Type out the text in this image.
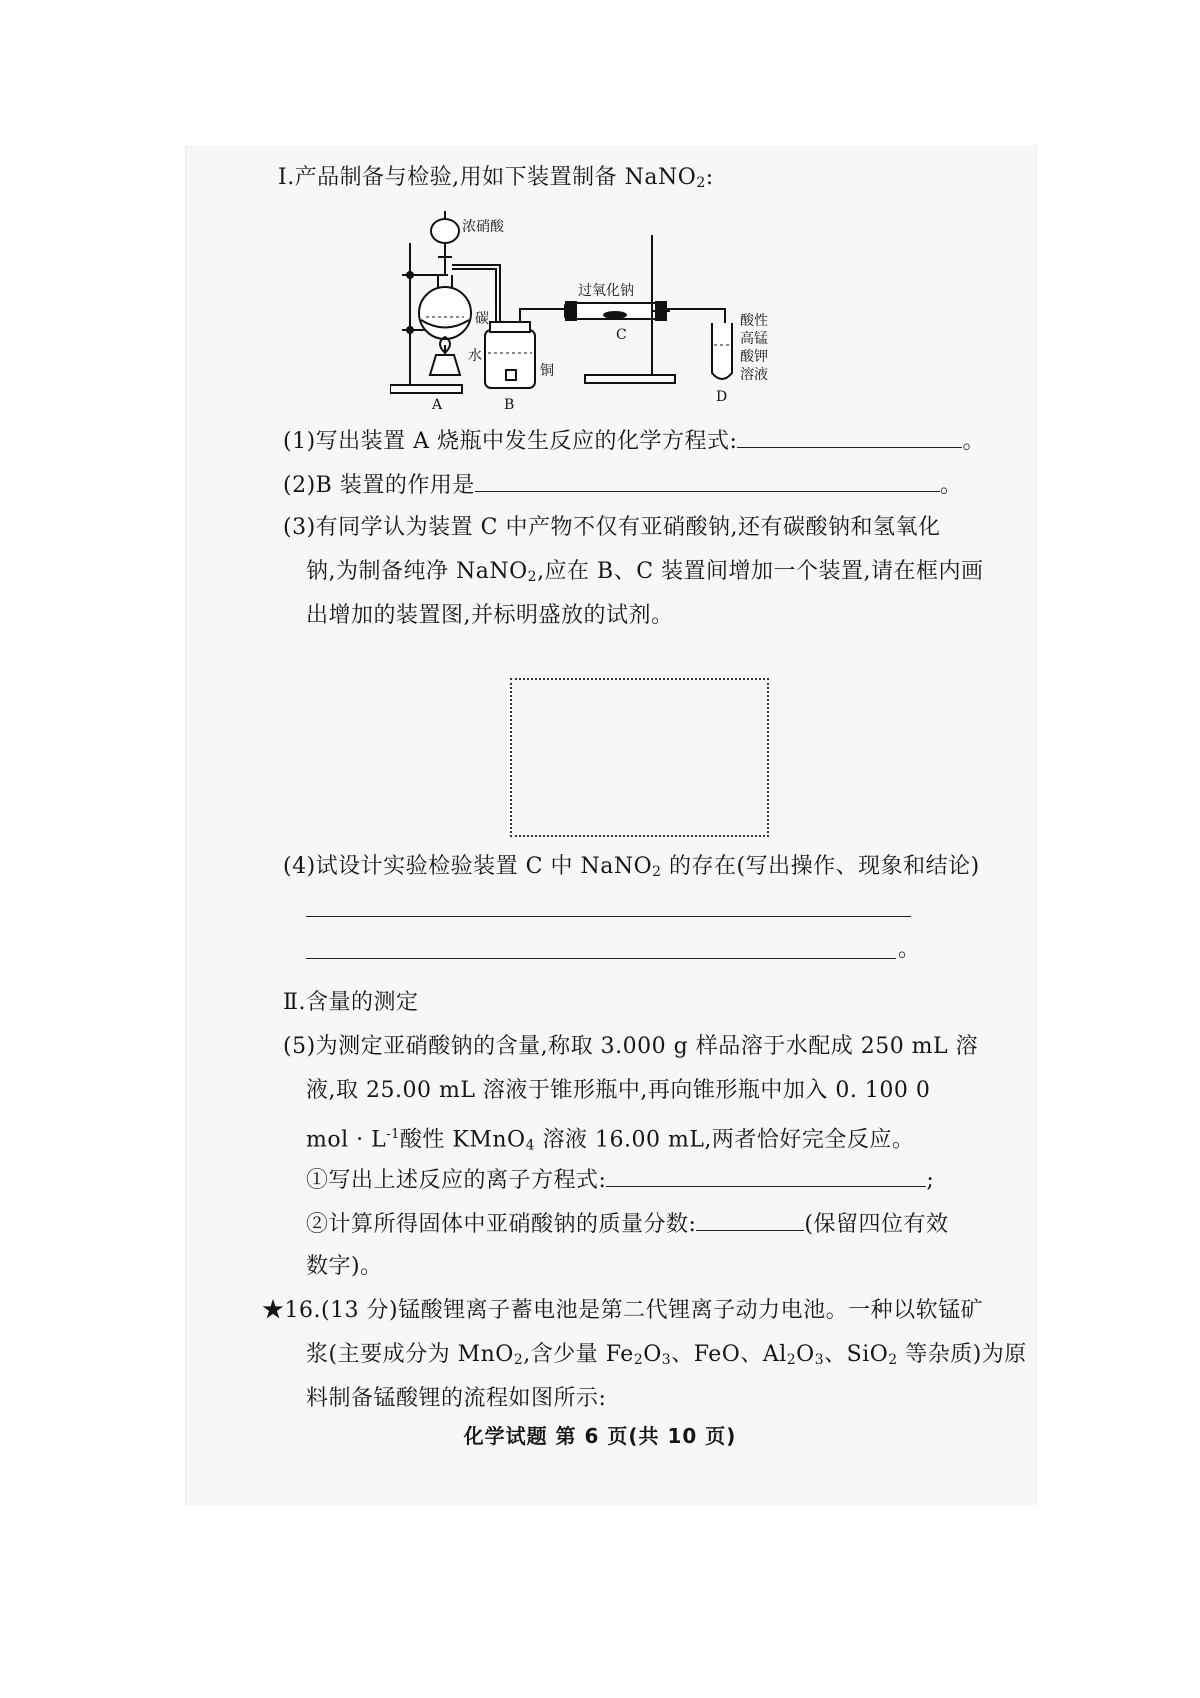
Ⅰ.产品制备与检验,用如下装置制备 NaNO$_2$:
浓硝酸
碳
A
水
铜
B
过氧化钠
C
酸性
高锰
酸钾
溶液
D
(1)写出装置 A 烧瓶中发生反应的化学方程式:	。
(2)B 装置的作用是	。
(3)有同学认为装置 C 中产物不仅有亚硝酸钠,还有碳酸钠和氢氧化
钠,为制备纯净 NaNO$_2$,应在 B、C 装置间增加一个装置,请在框内画
出增加的装置图,并标明盛放的试剂。
(4)试设计实验检验装置 C 中 NaNO$_2$ 的存在(写出操作、现象和结论)
。
Ⅱ.含量的测定
(5)为测定亚硝酸钠的含量,称取 3.000 g 样品溶于水配成 250 mL 溶
液,取 25.00 mL 溶液于锥形瓶中,再向锥形瓶中加入 0. 100 0
mol · $L^{-1}$酸性 KMnO$_4$ 溶液 16.00 mL,两者恰好完全反应。
①写出上述反应的离子方程式:	;
②计算所得固体中亚硝酸钠的质量分数:	(保留四位有效
数字)。
★16.(13 分)锰酸锂离子蓄电池是第二代锂离子动力电池。一种以软锰矿
浆(主要成分为 MnO$_2$,含少量 $Fe_2O_3$、FeO、$Al_2O_3$、SiO$_2$ 等杂质)为原
料制备锰酸锂的流程如图所示:
化学试题 第 6 页(共 10 页)
